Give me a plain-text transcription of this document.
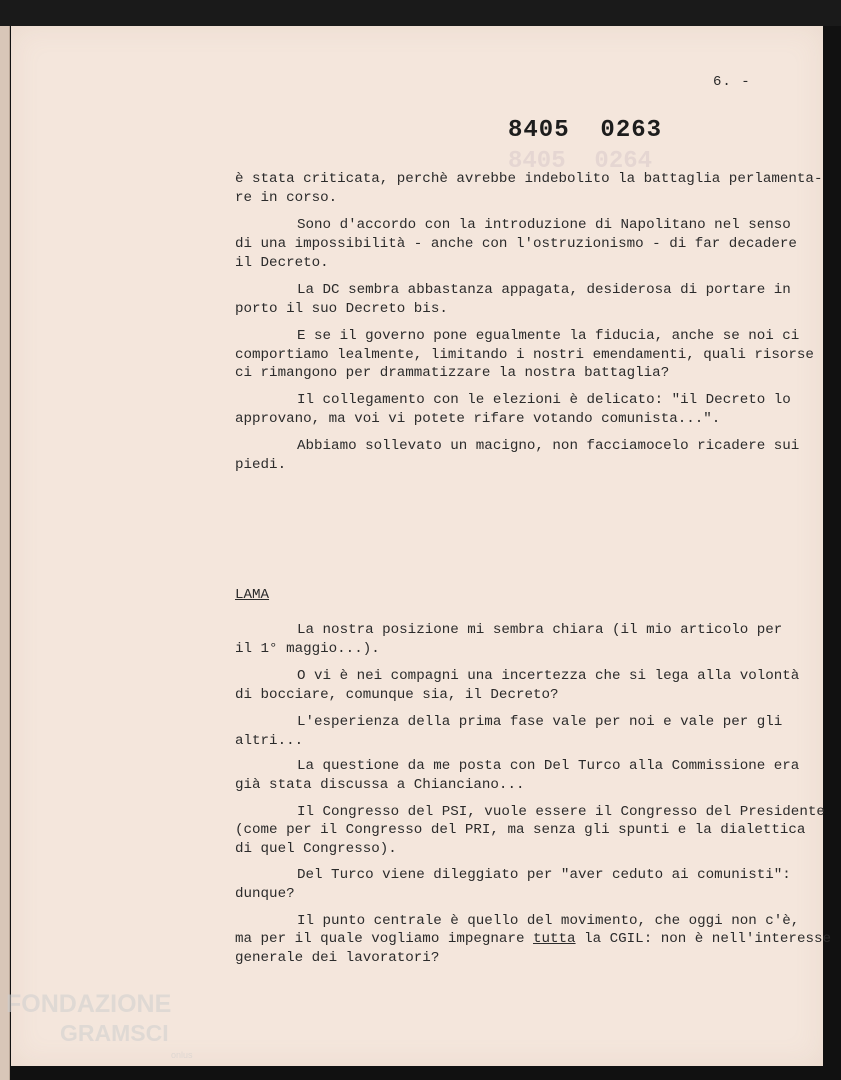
8405  0264
6. -
8405  0263
è stata criticata, perchè avrebbe indebolito la battaglia perlamenta-
re in corso.
Sono d'accordo con la introduzione di Napolitano nel senso
di una impossibilità - anche con l'ostruzionismo - di far decadere
il Decreto.
La DC sembra abbastanza appagata, desiderosa di portare in
porto il suo Decreto bis.
E se il governo pone egualmente la fiducia, anche se noi ci
comportiamo lealmente, limitando i nostri emendamenti, quali risorse
ci rimangono per drammatizzare la nostra battaglia?
Il collegamento con le elezioni è delicato: "il Decreto lo
approvano, ma voi vi potete rifare votando comunista...".
Abbiamo sollevato un macigno, non facciamocelo ricadere sui
piedi.
LAMA
La nostra posizione mi sembra chiara (il mio articolo per
il 1° maggio...).
O vi è nei compagni una incertezza che si lega alla volontà
di bocciare, comunque sia, il Decreto?
L'esperienza della prima fase vale per noi e vale per gli
altri...
La questione da me posta con Del Turco alla Commissione era
già stata discussa a Chianciano...
Il Congresso del PSI, vuole essere il Congresso del Presidente
(come per il Congresso del PRI, ma senza gli spunti e la dialettica
di quel Congresso).
Del Turco viene dileggiato per "aver ceduto ai comunisti":
dunque?
Il punto centrale è quello del movimento, che oggi non c'è,
ma per il quale vogliamo impegnare tutta la CGIL: non è nell'interesse
generale dei lavoratori?
FONDAZIONE
GRAMSCI
onlus
